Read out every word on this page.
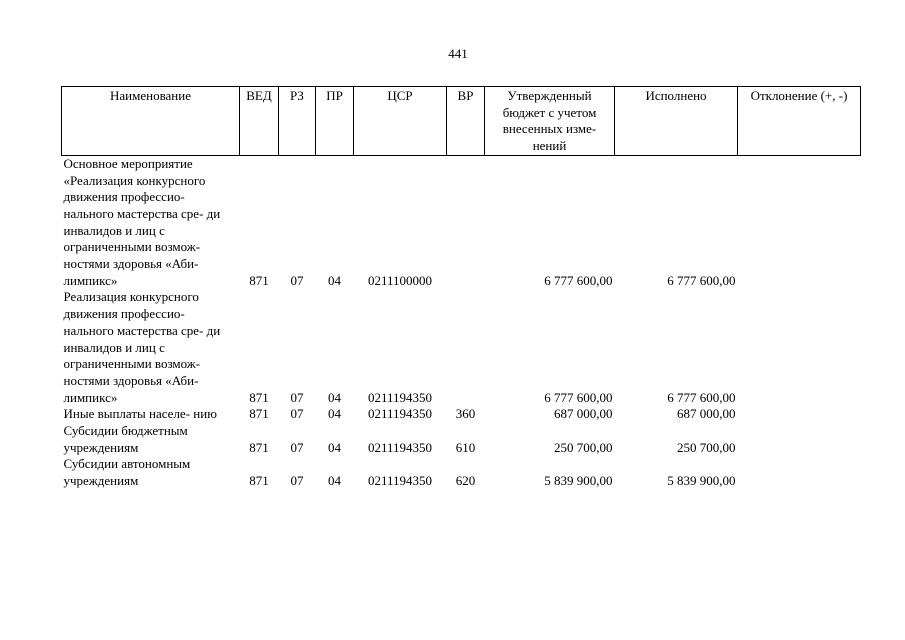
441
Наименование	ВЕД	РЗ	ПР	ЦСР	ВР	Утвержденный бюджет с учетом внесенных изме- нений	Исполнено	Отклонение (+, -)
Основное мероприятие «Реализация конкурсного движения профессио- нального мастерства сре- ди инвалидов и лиц с ограниченными возмож- ностями здоровья «Аби- лимпикс»	871	07	04	0211100000		6 777 600,00	6 777 600,00	
Реализация конкурсного движения профессио- нального мастерства сре- ди инвалидов и лиц с ограниченными возмож- ностями здоровья «Аби- лимпикс»	871	07	04	0211194350		6 777 600,00	6 777 600,00	
Иные выплаты населе- нию	871	07	04	0211194350	360	687 000,00	687 000,00	
Субсидии бюджетным учреждениям	871	07	04	0211194350	610	250 700,00	250 700,00	
Субсидии автономным учреждениям	871	07	04	0211194350	620	5 839 900,00	5 839 900,00	
